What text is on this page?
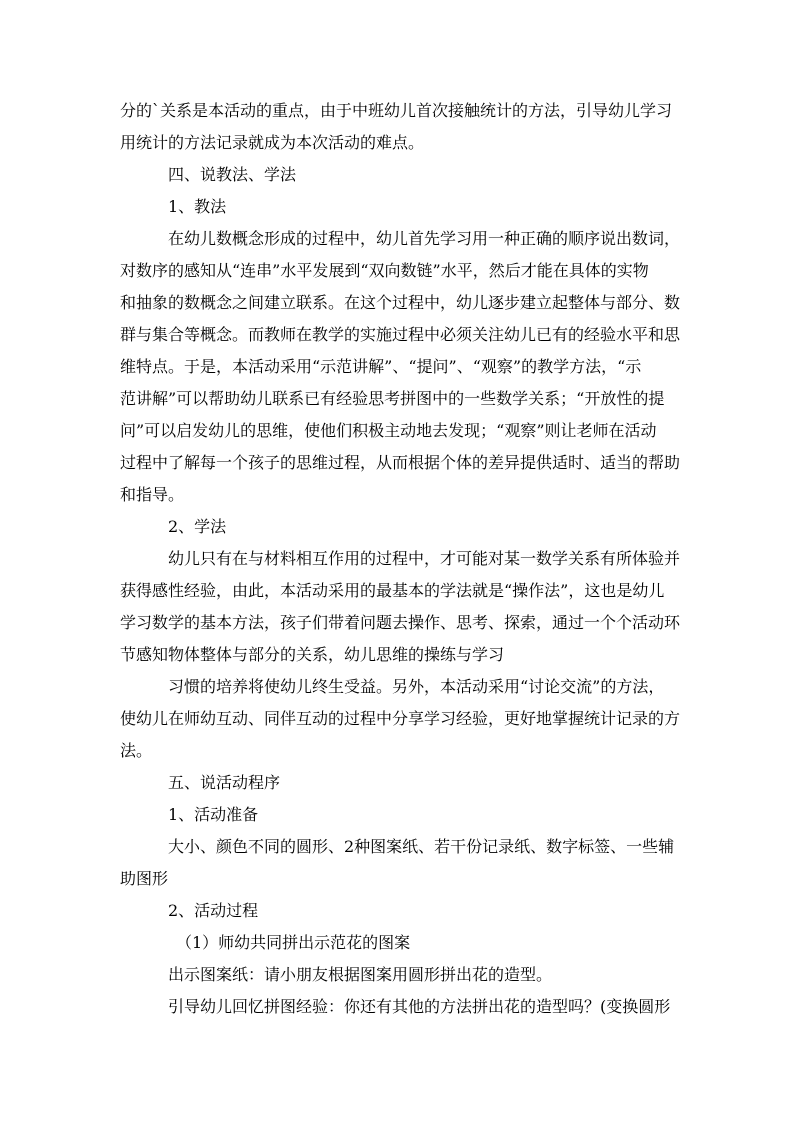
分的`关系是本活动的重点，由于中班幼儿首次接触统计的方法，引导幼儿学习
用统计的方法记录就成为本次活动的难点。
四、说教法、学法
1、教法
在幼儿数概念形成的过程中，幼儿首先学习用一种正确的顺序说出数词，
对数序的感知从“连串”水平发展到“双向数链”水平，然后才能在具体的实物
和抽象的数概念之间建立联系。在这个过程中，幼儿逐步建立起整体与部分、数
群与集合等概念。而教师在教学的实施过程中必须关注幼儿已有的经验水平和思
维特点。于是，本活动采用“示范讲解”、“提问”、“观察”的教学方法，“示
范讲解”可以帮助幼儿联系已有经验思考拼图中的一些数学关系；“开放性的提
问”可以启发幼儿的思维，使他们积极主动地去发现；“观察”则让老师在活动
过程中了解每一个孩子的思维过程，从而根据个体的差异提供适时、适当的帮助
和指导。
2、学法
幼儿只有在与材料相互作用的过程中，才可能对某一数学关系有所体验并
获得感性经验，由此，本活动采用的最基本的学法就是“操作法”，这也是幼儿
学习数学的基本方法，孩子们带着问题去操作、思考、探索，通过一个个活动环
节感知物体整体与部分的关系，幼儿思维的操练与学习
习惯的培养将使幼儿终生受益。另外，本活动采用“讨论交流”的方法，
使幼儿在师幼互动、同伴互动的过程中分享学习经验，更好地掌握统计记录的方
法。
五、说活动程序
1、活动准备
大小、颜色不同的圆形、2种图案纸、若干份记录纸、数字标签、一些辅
助图形
2、活动过程
（1）师幼共同拼出示范花的图案
出示图案纸：请小朋友根据图案用圆形拼出花的造型。
引导幼儿回忆拼图经验：你还有其他的方法拼出花的造型吗？(变换圆形
